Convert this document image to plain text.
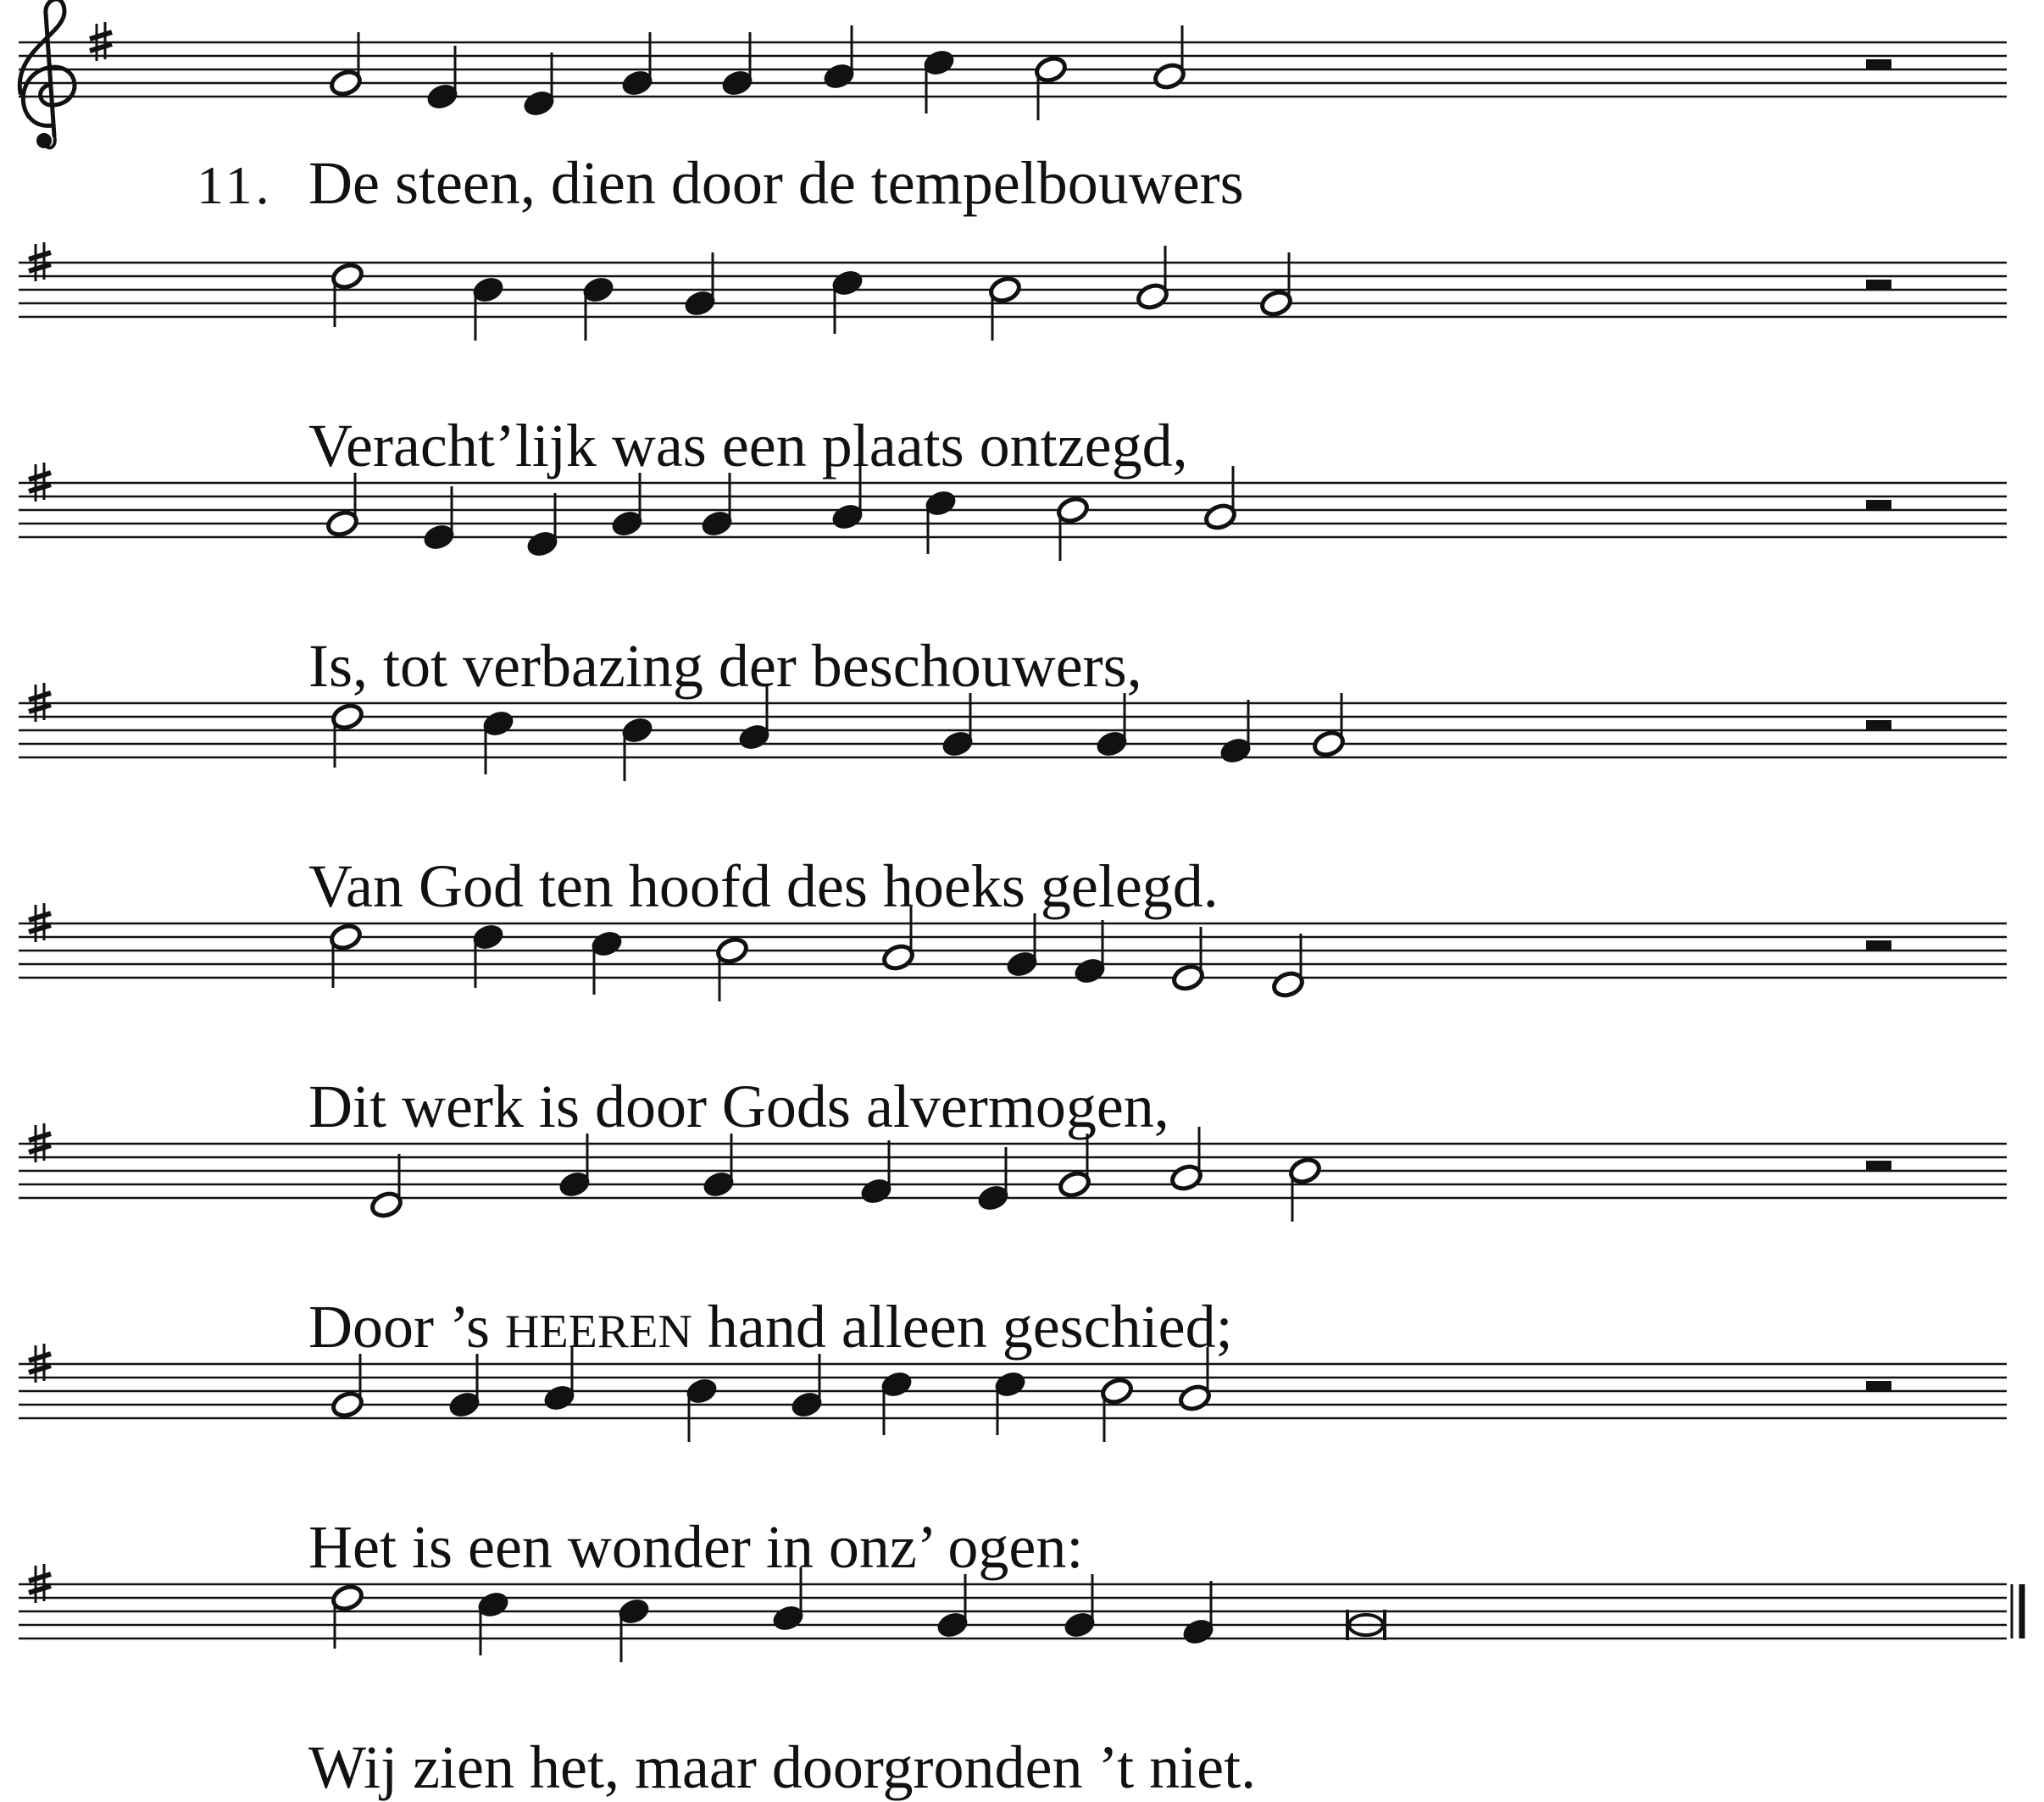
11. De steen, dien door de tempelbouwers
Veracht’lijk was een plaats ontzegd,
Is, tot verbazing der beschouwers,
Van God ten hoofd des hoeks gelegd.
Dit werk is door Gods alvermogen,
Door ’s HEEREN hand alleen geschied;
Het is een wonder in onz’ ogen:
Wij zien het, maar doorgronden ’t niet.
